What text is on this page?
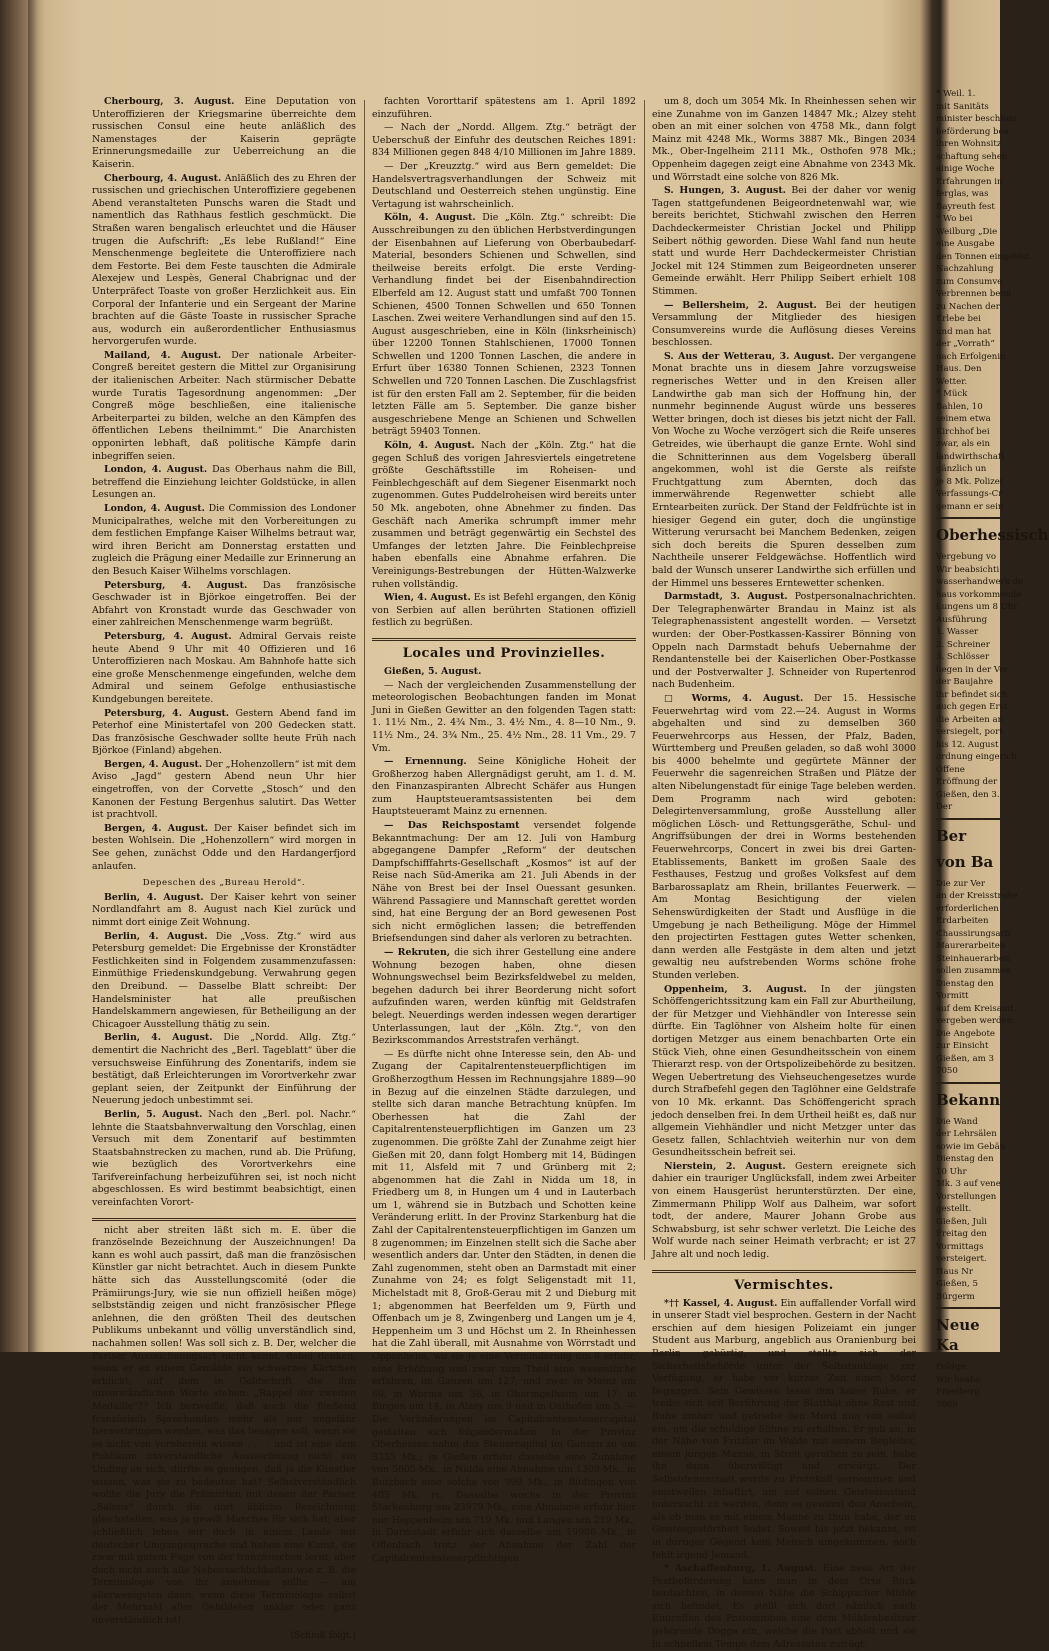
Cherbourg, 3. August. Eine Deputation von Unteroffizieren der Kriegsmarine überreichte dem russischen Consul eine heute anläßlich des Namenstages der Kaiserin geprägte Erinnerungsmedaille zur Ueberreichung an die Kaiserin.

Cherbourg, 4. August. Anläßlich des zu Ehren der russischen und griechischen Unteroffiziere gegebenen Abend veranstalteten Punschs waren die Stadt und namentlich das Rathhaus festlich geschmückt. Die Straßen waren bengalisch erleuchtet und die Häuser trugen die Aufschrift: „Es lebe Rußland!“ Eine Menschenmenge begleitete die Unteroffiziere nach dem Festorte. Bei dem Feste tauschten die Admirale Alexejew und Lespès, General Chabrignac und der Unterpräfect Toaste von großer Herzlichkeit aus. Ein Corporal der Infanterie und ein Sergeant der Marine brachten auf die Gäste Toaste in russischer Sprache aus, wodurch ein außerordentlicher Enthusiasmus hervorgerufen wurde.

Mailand, 4. August. Der nationale Arbeiter-Congreß bereitet gestern die Mittel zur Organisirung der italienischen Arbeiter. Nach stürmischer Debatte wurde Turatis Tagesordnung angenommen: „Der Congreß möge beschließen, eine italienische Arbeiterpartei zu bilden, welche an den Kämpfen des öffentlichen Lebens theilnimmt.“ Die Anarchisten opponirten lebhaft, daß politische Kämpfe darin inbegriffen seien.

London, 4. August. Das Oberhaus nahm die Bill, betreffend die Einziehung leichter Goldstücke, in allen Lesungen an.

London, 4. August. Die Commission des Londoner Municipalrathes, welche mit den Vorbereitungen zu dem festlichen Empfange Kaiser Wilhelms betraut war, wird ihren Bericht am Donnerstag erstatten und zugleich die Prägung einer Medaille zur Erinnerung an den Besuch Kaiser Wilhelms vorschlagen.

Petersburg, 4. August. Das französische Geschwader ist in Björkoe eingetroffen. Bei der Abfahrt von Kronstadt wurde das Geschwader von einer zahlreichen Menschenmenge warm begrüßt.

Petersburg, 4. August. Admiral Gervais reiste heute Abend 9 Uhr mit 40 Offizieren und 16 Unteroffizieren nach Moskau. Am Bahnhofe hatte sich eine große Menschenmenge eingefunden, welche dem Admiral und seinem Gefolge enthusiastische Kundgebungen bereitete.

Petersburg, 4. August. Gestern Abend fand im Peterhof eine Ministertafel von 200 Gedecken statt. Das französische Geschwader sollte heute Früh nach Björkoe (Finland) abgehen.

Bergen, 4. August. Der „Hohenzollern“ ist mit dem Aviso „Jagd“ gestern Abend neun Uhr hier eingetroffen, von der Corvette „Stosch“ und den Kanonen der Festung Bergenhus salutirt. Das Wetter ist prachtvoll.

Bergen, 4. August. Der Kaiser befindet sich im besten Wohlsein. Die „Hohenzollern“ wird morgen in See gehen, zunächst Odde und den Hardangerfjord anlaufen.

Depeschen des „Bureau Herold“.

Berlin, 4. August. Der Kaiser kehrt von seiner Nordlandfahrt am 8. August nach Kiel zurück und nimmt dort einige Zeit Wohnung.

Berlin, 4. August. Die „Voss. Ztg.“ wird aus Petersburg gemeldet: Die Ergebnisse der Kronstädter Festlichkeiten sind in Folgendem zusammenzufassen: Einmüthige Friedenskundgebung. Verwahrung gegen den Dreibund. — Dasselbe Blatt schreibt: Der Handelsminister hat alle preußischen Handelskammern angewiesen, für Betheiligung an der Chicagoer Ausstellung thätig zu sein.

Berlin, 4. August. Die „Nordd. Allg. Ztg.“ dementirt die Nachricht des „Berl. Tageblatt“ über die versuchsweise Einführung des Zonentarifs, indem sie bestätigt, daß Erleichterungen im Vorortverkehr zwar geplant seien, der Zeitpunkt der Einführung der Neuerung jedoch unbestimmt sei.

Berlin, 5. August. Nach den „Berl. pol. Nachr.“ lehnte die Staatsbahnverwaltung den Vorschlag, einen Versuch mit dem Zonentarif auf bestimmten Staatsbahnstrecken zu machen, rund ab. Die Prüfung, wie bezüglich des Vorortverkehrs eine Tarifvereinfachung herbeizuführen sei, ist noch nicht abgeschlossen. Es wird bestimmt beabsichtigt, einen vereinfachten Vorort-

nicht aber streiten läßt sich m. E. über die französelnde Bezeichnung der Auszeichnungen! Da kann es wohl auch passirt, daß man die französischen Künstler gar nicht betrachtet. Auch in diesem Punkte hätte sich das Ausstellungscomité (oder die Prämiirungs-Jury, wie sie nun offiziell heißen möge) selbstständig zeigen und nicht französischer Pflege anlehnen, die den größten Theil des deutschen Publikums unbekannt und völlig unverständlich sind, nachahmen sollen! Was soll sich z. B. Der, welcher die Pariser Auszeichnungsart nicht kennt, dabei denken, wenn er an einem Gemälde ein schwarzes Kärtchen erblickt, auf dem in Goldschrift die ihm unverständlichen Worte stehen: „Rappel der zweiten Medaille“?? Ich bezweifle, daß auch die fließend französisch Sprechenden mehr als nur ungefähr herausbringen werden, was das besagen soll, wenn sie es nicht von vornherein wissen . . . . und ist eine dem Publikum unverständliche Auszeichnung nicht ein Unding an sich, dürfte es genügen, daß ja die Künstler wissen, was sie zu bedeuten hat? Selbstverständlich wollte die Jury die Prämiirten mit denen der Pariser „Salons“ durch die dort übliche Bezeichnung gleichstellen, was ja gewiß Manches für sich hat; aber schließlich leben wir doch in einem Lande mit deutscher Umgangssprache und haben eine Kunst, die zwar mit gutem Fuge von der französischen lernt, aber doch nicht auch alle Nebensächlichkeiten wie z. B. die Terminologie von ihr annehmen sollte — am allerwenigsten dann, wenn diese Terminologie selbst der Mehrzahl aller Gebildeten unklar oder ganz unverständlich ist!

(Schluß folgt.)

fachten Vororttarif spätestens am 1. April 1892 einzuführen.

— Nach der „Nordd. Allgem. Ztg.“ beträgt der Ueberschuß der Einfuhr des deutschen Reiches 1891: 834 Millionen gegen 848 4/10 Millionen im Jahre 1889.

— Der „Kreuzztg.“ wird aus Bern gemeldet: Die Handelsvertragsverhandlungen der Schweiz mit Deutschland und Oesterreich stehen ungünstig. Eine Vertagung ist wahrscheinlich.

Köln, 4. August. Die „Köln. Ztg.“ schreibt: Die Ausschreibungen zu den üblichen Herbstverdingungen der Eisenbahnen auf Lieferung von Oberbaubedarf-Material, besonders Schienen und Schwellen, sind theilweise bereits erfolgt. Die erste Verding-Verhandlung findet bei der Eisenbahndirection Elberfeld am 12. August statt und umfaßt 700 Tonnen Schienen, 4500 Tonnen Schwellen und 650 Tonnen Laschen. Zwei weitere Verhandlungen sind auf den 15. August ausgeschrieben, eine in Köln (linksrheinisch) über 12200 Tonnen Stahlschienen, 17000 Tonnen Schwellen und 1200 Tonnen Laschen, die andere in Erfurt über 16380 Tonnen Schienen, 2323 Tonnen Schwellen und 720 Tonnen Laschen. Die Zuschlagsfrist ist für den ersten Fall am 2. September, für die beiden letzten Fälle am 5. September. Die ganze bisher ausgeschriebene Menge an Schienen und Schwellen beträgt 59403 Tonnen.

Köln, 4. August. Nach der „Köln. Ztg.“ hat die gegen Schluß des vorigen Jahresviertels eingetretene größte Geschäftsstille im Roheisen- und Feinblechgeschäft auf dem Siegener Eisenmarkt noch zugenommen. Gutes Puddelroheisen wird bereits unter 50 Mk. angeboten, ohne Abnehmer zu finden. Das Geschäft nach Amerika schrumpft immer mehr zusammen und beträgt gegenwärtig ein Sechstel des Umfanges der letzten Jahre. Die Feinblechpreise haben ebenfalls eine Abnahme erfahren. Die Vereinigungs-Bestrebungen der Hütten-Walzwerke ruhen vollständig.

Wien, 4. August. Es ist Befehl ergangen, den König von Serbien auf allen berührten Stationen offiziell festlich zu begrüßen.

Locales und Provinzielles.

Gießen, 5. August.

— Nach der vergleichenden Zusammenstellung der meteorologischen Beobachtungen fanden im Monat Juni in Gießen Gewitter an den folgenden Tagen statt: 1. 11½ Nm., 2. 4¾ Nm., 3. 4½ Nm., 4. 8—10 Nm., 9. 11½ Nm., 24. 3¾ Nm., 25. 4½ Nm., 28. 11 Vm., 29. 7 Vm.

— Ernennung. Seine Königliche Hoheit der Großherzog haben Allergnädigst geruht, am 1. d. M. den Finanzaspiranten Albrecht Schäfer aus Hungen zum Hauptsteueramtsassistenten bei dem Hauptsteueramt Mainz zu ernennen.

— Das Reichspostamt versendet folgende Bekanntmachung: Der am 12. Juli von Hamburg abgegangene Dampfer „Reform“ der deutschen Dampfschifffahrts-Gesellschaft „Kosmos“ ist auf der Reise nach Süd-Amerika am 21. Juli Abends in der Nähe von Brest bei der Insel Ouessant gesunken. Während Passagiere und Mannschaft gerettet worden sind, hat eine Bergung der an Bord gewesenen Post sich nicht ermöglichen lassen; die betreffenden Briefsendungen sind daher als verloren zu betrachten.

— Rekruten, die sich ihrer Gestellung eine andere Wohnung bezogen haben, ohne diesen Wohnungswechsel beim Bezirksfeldwebel zu melden, begehen dadurch bei ihrer Beorderung nicht sofort aufzufinden waren, werden künftig mit Geldstrafen belegt. Neuerdings werden indessen wegen derartiger Unterlassungen, laut der „Köln. Ztg.“, von den Bezirkscommandos Arreststrafen verhängt.

— Es dürfte nicht ohne Interesse sein, den Ab- und Zugang der Capitalrentensteuerpflichtigen im Großherzogthum Hessen im Rechnungsjahre 1889—90 in Bezug auf die einzelnen Städte darzulegen, und stellte sich daran manche Betrachtung knüpfen. Im Oberhessen hat die Zahl der Capitalrentensteuerpflichtigen im Ganzen um 23 zugenommen. Die größte Zahl der Zunahme zeigt hier Gießen mit 20, dann folgt Homberg mit 14, Büdingen mit 11, Alsfeld mit 7 und Grünberg mit 2; abgenommen hat die Zahl in Nidda um 18, in Friedberg um 8, in Hungen um 4 und in Lauterbach um 1, während sie in Butzbach und Schotten keine Veränderung erlitt. In der Provinz Starkenburg hat die Zahl der Capitalrentensteuerpflichtigen im Ganzen um 8 zugenommen; im Einzelnen stellt sich die Sache aber wesentlich anders dar. Unter den Städten, in denen die Zahl zugenommen, steht oben an Darmstadt mit einer Zunahme von 24; es folgt Seligenstadt mit 11, Michelstadt mit 8, Groß-Gerau mit 2 und Dieburg mit 1; abgenommen hat Beerfelden um 9, Fürth und Offenbach um je 8, Zwingenberg und Langen um je 4, Heppenheim um 3 und Höchst um 2. In Rheinhessen hat die Zahl überall, mit Ausnahme von Wörrstadt und Oppenheim, wo sie je eine Verminderung um 8 erfuhr, eine Erhöhung und zwar zum Theil eine wesentliche erfahren, im Ganzen um 127, und zwar in Mainz um 60, in Worms um 38, in Oberingelheim um 17, in Bingen um 14, in Alzey um 9 und in Osthofen um 5. — Die Veränderungen im Capitalrentensteuercapital gestalten sich folgendermaßen: In der Provinz Oberhessen nahm das Steuercapital im Ganzen zu um 3355 Mk.; in Gießen erfuhr dasselbe eine Zunahme von 5605 Mk., in Nidda eine Abnahme um 1309 Mk., in Butzbach eine solche von 999 Mk., in Büdingen von 405 Mk. rc. Dasselbe wuchs in der Provinz Starkenburg um 23979 Mk., eine Abnahme erfuhr hier nur Heppenheim um 719 Mk. und Langen um 219 Mk., in Darmstadt erfuhr sich dasselbe um 19986 Mk., in Offenbach trotz der Abnahme der Zahl der Capitalrentensteuerpflichtigen

um 8, doch um 3054 Mk. In Rheinhessen sehen wir eine Zunahme von im Ganzen 14847 Mk.; Alzey steht oben an mit einer solchen von 4758 Mk., dann folgt Mainz mit 4248 Mk., Worms 3887 Mk., Bingen 2034 Mk., Ober-Ingelheim 2111 Mk., Osthofen 978 Mk.; Oppenheim dagegen zeigt eine Abnahme von 2343 Mk. und Wörrstadt eine solche von 826 Mk.

S. Hungen, 3. August. Bei der daher vor wenig Tagen stattgefundenen Beigeordnetenwahl war, wie bereits berichtet, Stichwahl zwischen den Herren Dachdeckermeister Christian Jockel und Philipp Seibert nöthig geworden. Diese Wahl fand nun heute statt und wurde Herr Dachdeckermeister Christian Jockel mit 124 Stimmen zum Beigeordneten unserer Gemeinde erwählt. Herr Philipp Seibert erhielt 108 Stimmen.

— Bellersheim, 2. August. Bei der heutigen Versammlung der Mitglieder des hiesigen Consumvereins wurde die Auflösung dieses Vereins beschlossen.

S. Aus der Wetterau, 3. August. Der vergangene Monat brachte uns in diesem Jahre vorzugsweise regnerisches Wetter und in den Kreisen aller Landwirthe gab man sich der Hoffnung hin, der nunmehr beginnende August würde uns besseres Wetter bringen, doch ist dieses bis jetzt nicht der Fall. Von Woche zu Woche verzögert sich die Reife unseres Getreides, wie überhaupt die ganze Ernte. Wohl sind die Schnitterinnen aus dem Vogelsberg überall angekommen, wohl ist die Gerste als reifste Fruchtgattung zum Abernten, doch das immerwährende Regenwetter schiebt alle Erntearbeiten zurück. Der Stand der Feldfrüchte ist in hiesiger Gegend ein guter, doch die ungünstige Witterung verursacht bei Manchem Bedenken, zeigen sich doch bereits die Spuren desselben zum Nachtheile unserer Feldgewächse. Hoffentlich wird bald der Wunsch unserer Landwirthe sich erfüllen und der Himmel uns besseres Erntewetter schenken.

Darmstadt, 3. August. Postpersonalnachrichten. Der Telegraphenwärter Brandau in Mainz ist als Telegraphenassistent angestellt worden. — Versetzt wurden: der Ober-Postkassen-Kassirer Bönning von Oppeln nach Darmstadt behufs Uebernahme der Rendantenstelle bei der Kaiserlichen Ober-Postkasse und der Postverwalter J. Schneider von Rupertenrod nach Budenheim.

□ Worms, 4. August. Der 15. Hessische Feuerwehrtag wird vom 22.—24. August in Worms abgehalten und sind zu demselben 360 Feuerwehrcorps aus Hessen, der Pfalz, Baden, Württemberg und Preußen geladen, so daß wohl 3000 bis 4000 behelmte und gegürtete Männer der Feuerwehr die sagenreichen Straßen und Plätze der alten Nibelungenstadt für einige Tage beleben werden. Dem Programm nach wird geboten: Delegirtenversammlung, große Ausstellung aller möglichen Lösch- und Rettungsgeräthe, Schul- und Angriffsübungen der drei in Worms bestehenden Feuerwehrcorps, Concert in zwei bis drei Garten-Etablissements, Bankett im großen Saale des Festhauses, Festzug und großes Volksfest auf dem Barbarossaplatz am Rhein, brillantes Feuerwerk. — Am Montag Besichtigung der vielen Sehenswürdigkeiten der Stadt und Ausflüge in die Umgebung je nach Betheiligung. Möge der Himmel den projectirten Festtagen gutes Wetter schenken, dann werden alle Festgäste in dem alten und jetzt gewaltig neu aufstrebenden Worms schöne frohe Stunden verleben.

Oppenheim, 3. August. In der jüngsten Schöffengerichtssitzung kam ein Fall zur Aburtheilung, der für Metzger und Viehhändler von Interesse sein dürfte. Ein Taglöhner von Alsheim holte für einen dortigen Metzger aus einem benachbarten Orte ein Stück Vieh, ohne einen Gesundheitsschein von einem Thierarzt resp. von der Ortspolizeibehörde zu besitzen. Wegen Uebertretung des Viehseuchengesetzes wurde durch Strafbefehl gegen den Taglöhner eine Geldstrafe von 10 Mk. erkannt. Das Schöffengericht sprach jedoch denselben frei. In dem Urtheil heißt es, daß nur allgemein Viehhändler und nicht Metzger unter das Gesetz fallen, Schlachtvieh weiterhin nur von dem Gesundheitsschein befreit sei.

Nierstein, 2. August. Gestern ereignete sich dahier ein trauriger Unglücksfall, indem zwei Arbeiter von einem Hausgerüst herunterstürzten. Der eine, Zimmermann Philipp Wolf aus Dalheim, war sofort todt, der andere, Maurer Johann Grobe aus Schwabsburg, ist sehr schwer verletzt. Die Leiche des Wolf wurde nach seiner Heimath verbracht; er ist 27 Jahre alt und noch ledig.

Vermischtes.

*†† Kassel, 4. August. Ein auffallender Vorfall wird in unserer Stadt viel besprochen. Gestern in der Nacht erschien auf dem hiesigen Polizeiamt ein junger Student aus Marburg, angeblich aus Oranienburg bei Berlin gebürtig, und stellte sich der Sicherheitsbehörde unter der Selbstanklage zur Verfügung, er habe vor kurzer Zeit einen Mord begangen. Sein Gewissen lasse ihm keine Ruhe, er treibe sich seit Berührung der Blutthat ohne Rast und Ruhe umher und getriebe den Mord nun von selbst ein, um die schuldige Sühne zu erhalten. Er gab an, in der Nähe von Fritzlar im Walde mit seinem Begleiter, einem jungen Manne, in Streit gerathen zu sein, habe ihn dann überwältigt und erwürgt. Der Selbstdenunciant wurde zu Protokoll vernommen und einstweilen inhaftirt, um auf seinen Geisteszustand untersucht zu werden, denn es gewinnt den Anschein, als ob man es mit einem Manne zu thun habe, der an Geistesgestörtheit leidet. Soweit bis jetzt bekannt, ist in dortiger Gegend kein Mensch umgekommen, noch fehlt irgend Jemand.

* Aschaffenburg, 1. August. Eine neue Art der Postbeförderung kann man in dem Orte Rück beobachten, in dessen Nähe die Schippacher Mühle sich befindet. Es stellt sich dort nämlich nach Eintreffen des Postomnibus eine dem Mühlenbesitzer gehörende Dogge ein, welche die Post abholt und sie in schnellem Tempo dem Adressaten zuträgt.

* Weil. 1.
mit Sanitäts
minister beschloss
beförderung bea
ihren Wohnsitz
schaftung sehen
einige Woche
Erfahrungen in
ferglas, was
Bayreuth fest
* Wo bei
Weilburg „Die
eine Ausgabe
den Tonnen eingelöst
Nachzahlung
zum Consumve
Verbrennen beim
zu Nachen der
Erlebe bei
und man hat
der „Vorrath“
nach Erfolgenin
Haus. Den
Wetter.
* Mück
Bahlen, 10
seinem etwa
Kirchhof bei
zwar, als ein
landwirthschaft
gänzlich un
je 8 Mk. Polizei
Verfassungs-Cr
gemann er sein
Oberhessisch
Vergebung vo
Wir beabsichti
wasserhandwerk de
haus vorkommende
Lungens um 8 Uhr
Ausführung
1. Wasser
2. Schreiner
3. Schlösser
liegen in der Ver
der Baujahre
ihr befindet sich
auch gegen Erst
die Arbeiten an
versiegelt, port
bis 12. August
ordnung eingerich
Offene
Eröffnung der
Gießen, den 3.
Der
Ber
von Ba
Die zur Ver
an der Kreisstraße
erforderlichen
Erdarbeiten
Chaussirungsarb
Maurerarbeiten
Steinhauerarbeit
sollen zusammen
Dienstag den
Vormitt
auf dem Kreisamt
vergeben werden.
Die Angebote
zur Einsicht
Gießen, am 3
7050
Bekann
Die Wand
der Lehrsälen
sowie im Gebäu
Dienstag den
10 Uhr
Mk. 3 auf vene
Vorstellungen
gestellt.
Gießen, Juli
Freitag den
Vormittags
versteigert.
Haus Nr
Gießen, 5
Bürgerm
Neue Ka
Feldge
Wir beabs.
Friedberg
7069
